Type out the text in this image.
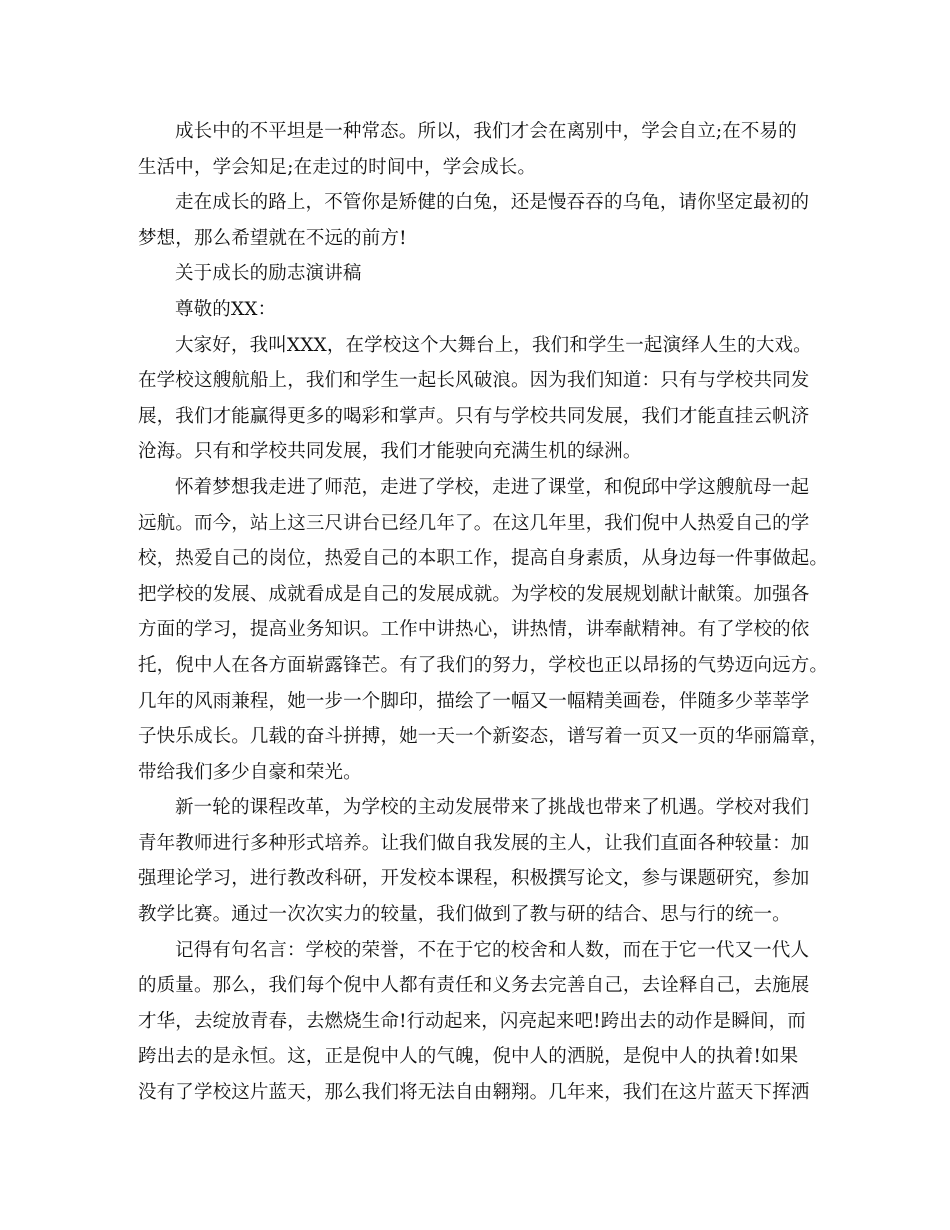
成长中的不平坦是一种常态。所以，我们才会在离别中，学会自立;在不易的
生活中，学会知足;在走过的时间中，学会成长。
走在成长的路上，不管你是矫健的白兔，还是慢吞吞的乌龟，请你坚定最初的
梦想，那么希望就在不远的前方!
关于成长的励志演讲稿
尊敬的XX：
大家好，我叫XXX，在学校这个大舞台上，我们和学生一起演绎人生的大戏。
在学校这艘航船上，我们和学生一起长风破浪。因为我们知道：只有与学校共同发
展，我们才能赢得更多的喝彩和掌声。只有与学校共同发展，我们才能直挂云帆济
沧海。只有和学校共同发展，我们才能驶向充满生机的绿洲。
怀着梦想我走进了师范，走进了学校，走进了课堂，和倪邱中学这艘航母一起
远航。而今，站上这三尺讲台已经几年了。在这几年里，我们倪中人热爱自己的学
校，热爱自己的岗位，热爱自己的本职工作，提高自身素质，从身边每一件事做起。
把学校的发展、成就看成是自己的发展成就。为学校的发展规划献计献策。加强各
方面的学习，提高业务知识。工作中讲热心，讲热情，讲奉献精神。有了学校的依
托，倪中人在各方面崭露锋芒。有了我们的努力，学校也正以昂扬的气势迈向远方。
几年的风雨兼程，她一步一个脚印，描绘了一幅又一幅精美画卷，伴随多少莘莘学
子快乐成长。几载的奋斗拼搏，她一天一个新姿态，谱写着一页又一页的华丽篇章，
带给我们多少自豪和荣光。
新一轮的课程改革，为学校的主动发展带来了挑战也带来了机遇。学校对我们
青年教师进行多种形式培养。让我们做自我发展的主人，让我们直面各种较量：加
强理论学习，进行教改科研，开发校本课程，积极撰写论文，参与课题研究，参加
教学比赛。通过一次次实力的较量，我们做到了教与研的结合、思与行的统一。
记得有句名言：学校的荣誉，不在于它的校舍和人数，而在于它一代又一代人
的质量。那么，我们每个倪中人都有责任和义务去完善自己，去诠释自己，去施展
才华，去绽放青春，去燃烧生命!行动起来，闪亮起来吧!跨出去的动作是瞬间，而
跨出去的是永恒。这，正是倪中人的气魄，倪中人的洒脱，是倪中人的执着!如果
没有了学校这片蓝天，那么我们将无法自由翱翔。几年来，我们在这片蓝天下挥洒
